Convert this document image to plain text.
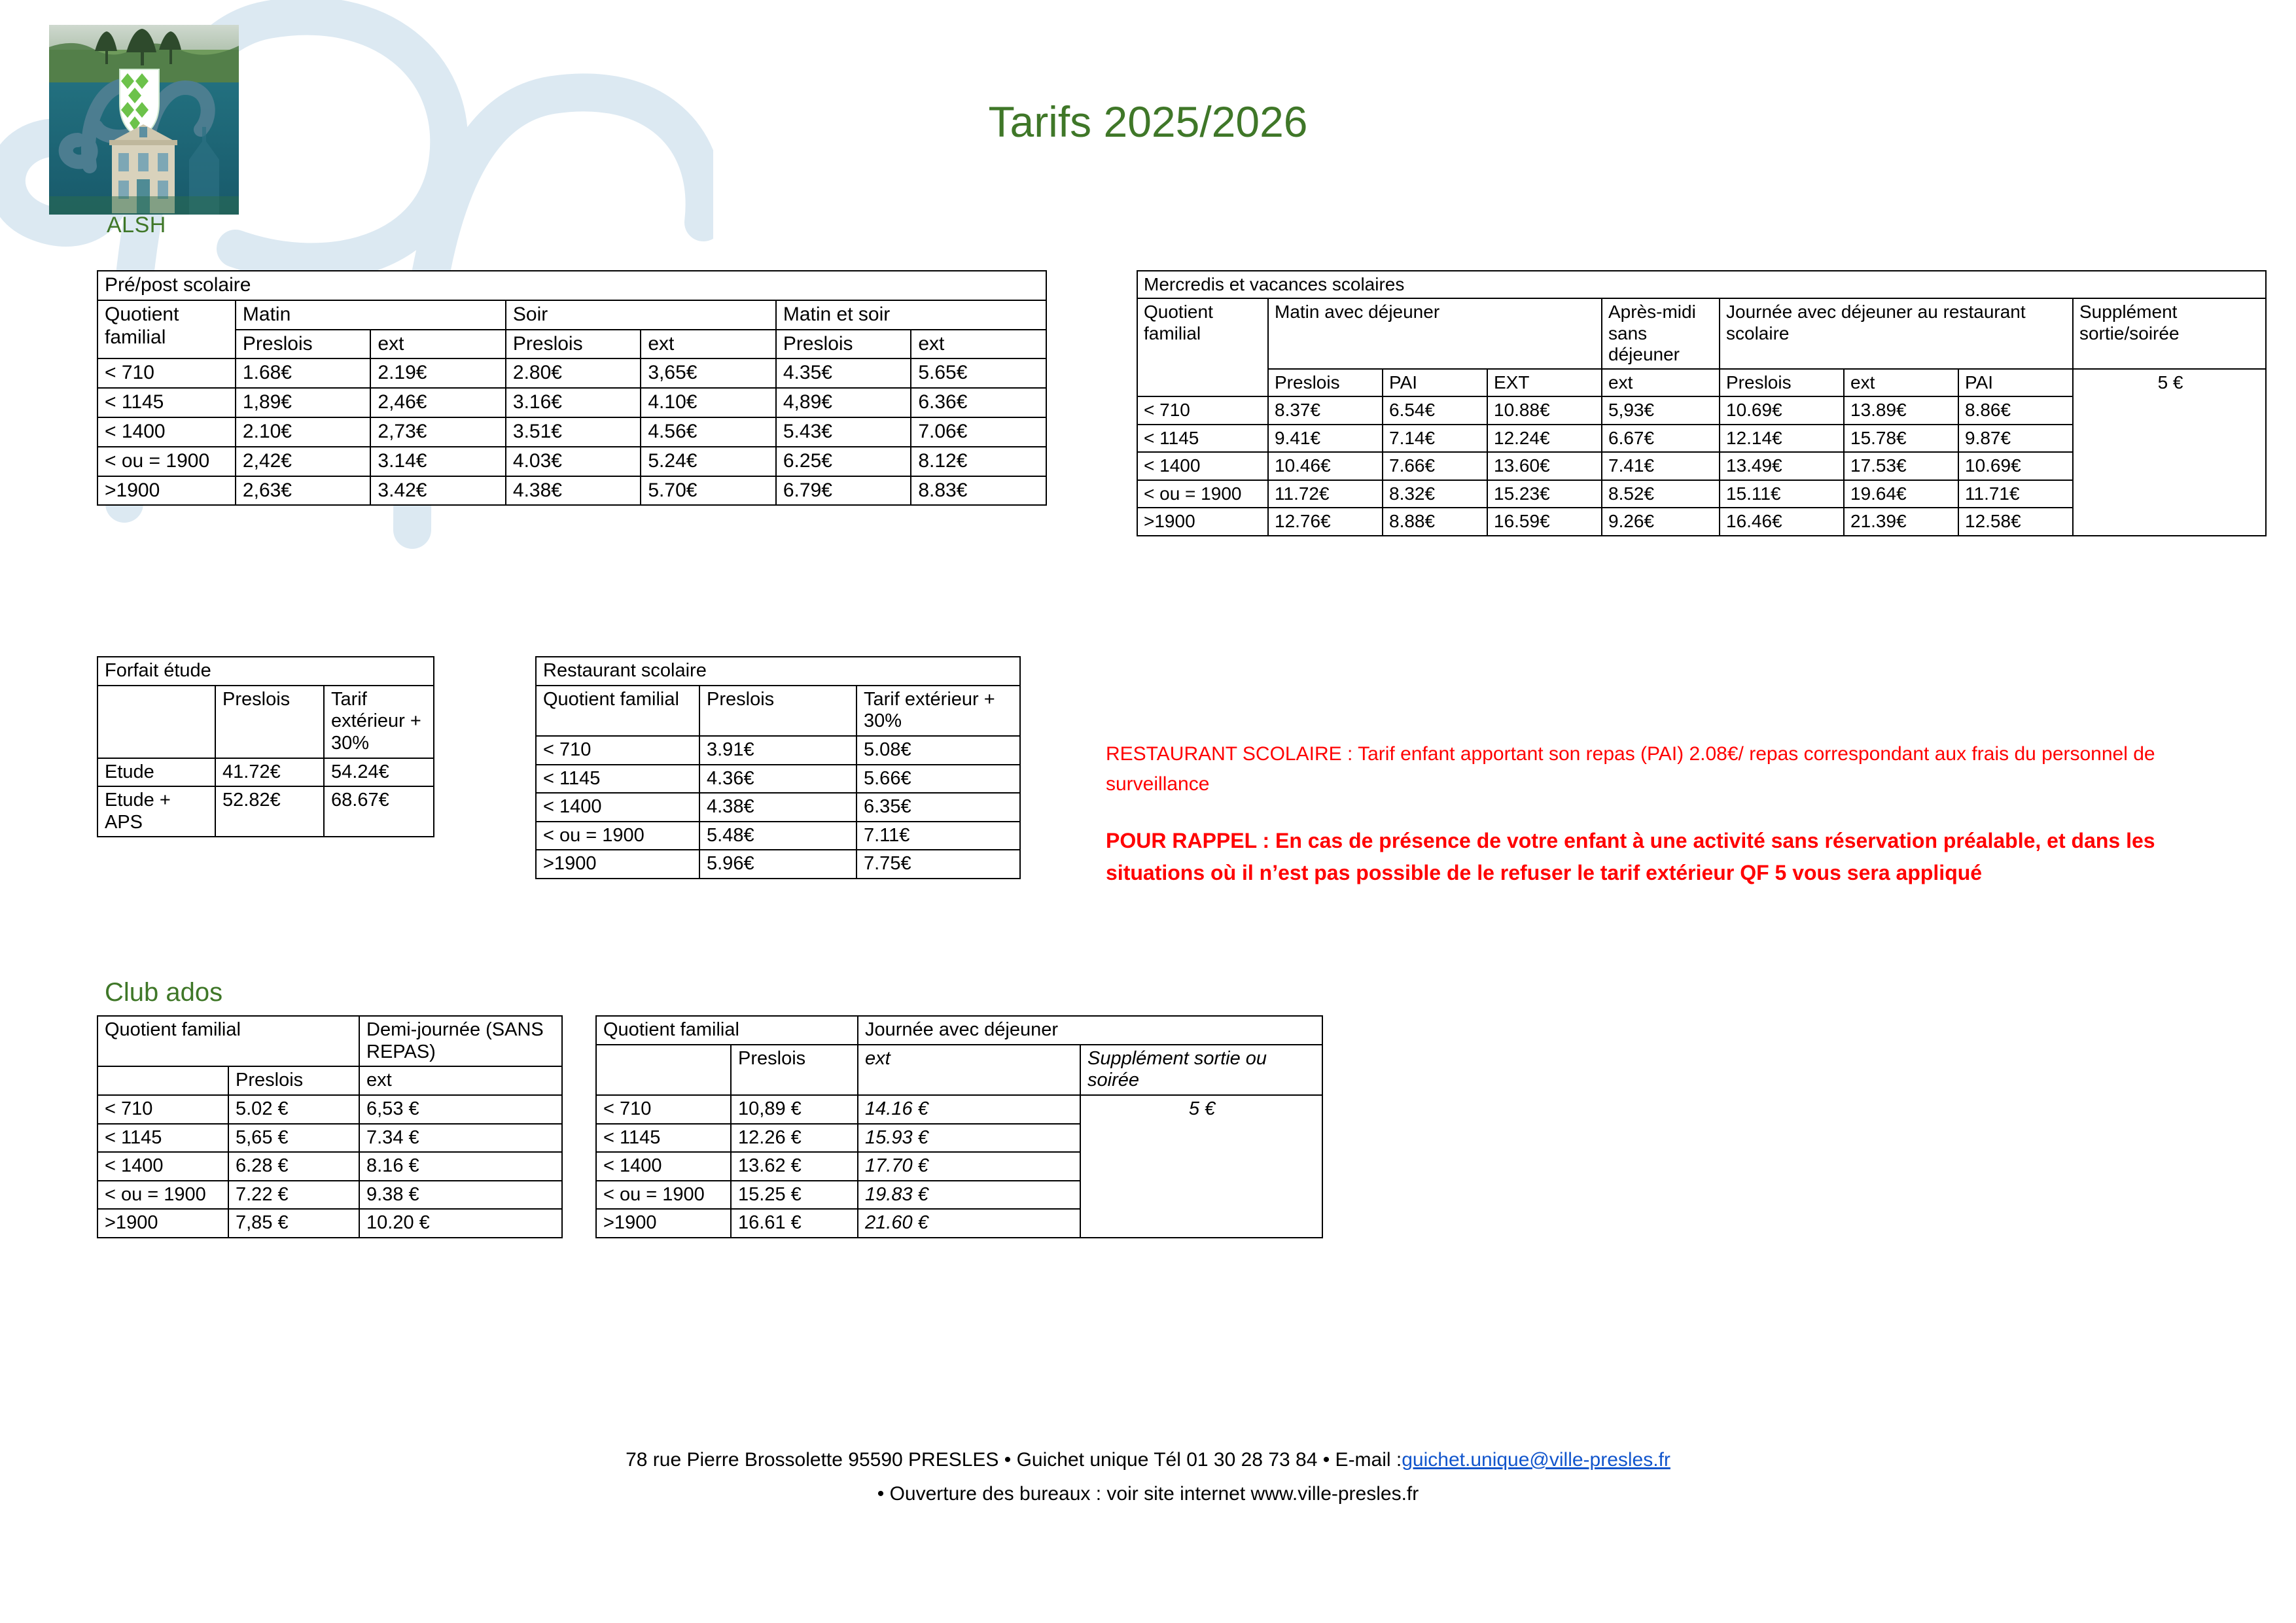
ALSH
Tarifs 2025/2026
Pré/post scolaire						
Quotient familial	Matin		Soir		Matin et soir	
	Preslois	ext	Preslois	ext	Preslois	ext
< 710	1.68€	2.19€	2.80€	3,65€	4.35€	5.65€
< 1145	1,89€	2,46€	3.16€	4.10€	4,89€	6.36€
< 1400	2.10€	2,73€	3.51€	4.56€	5.43€	7.06€
< ou = 1900	2,42€	3.14€	4.03€	5.24€	6.25€	8.12€
>1900	2,63€	3.42€	4.38€	5.70€	6.79€	8.83€
Mercredis et vacances scolaires								
Quotient familial	Matin avec déjeuner			Après-midi sans déjeuner	Journée avec déjeuner au restaurant scolaire			Supplément sortie/soirée
	Preslois	PAI	EXT	ext	Preslois	ext	PAI	5 €
< 710	8.37€	6.54€	10.88€	5,93€	10.69€	13.89€	8.86€	
< 1145	9.41€	7.14€	12.24€	6.67€	12.14€	15.78€	9.87€	
< 1400	10.46€	7.66€	13.60€	7.41€	13.49€	17.53€	10.69€	
< ou = 1900	11.72€	8.32€	15.23€	8.52€	15.11€	19.64€	11.71€	
>1900	12.76€	8.88€	16.59€	9.26€	16.46€	21.39€	12.58€	
Forfait étude		
	Preslois	Tarif extérieur + 30%
Etude	41.72€	54.24€
Etude + APS	52.82€	68.67€
Restaurant scolaire		
Quotient familial	Preslois	Tarif extérieur + 30%
< 710	3.91€	5.08€
< 1145	4.36€	5.66€
< 1400	4.38€	6.35€
< ou = 1900	5.48€	7.11€
>1900	5.96€	7.75€
RESTAURANT SCOLAIRE : Tarif enfant apportant son repas (PAI) 2.08€/ repas correspondant aux frais du personnel de surveillance
POUR RAPPEL : En cas de présence de votre enfant à une activité sans réservation préalable, et dans les situations où il n’est pas possible de le refuser le tarif extérieur QF 5 vous sera appliqué
Club ados
Quotient familial		Demi-journée (SANS REPAS)
	Preslois	ext
< 710	5.02 €	6,53 €
< 1145	5,65 €	7.34 €
< 1400	6.28 €	8.16 €
< ou = 1900	7.22 €	9.38 €
>1900	7,85 €	10.20 €
Quotient familial		Journée avec déjeuner	
	Preslois	ext	Supplément sortie ou soirée
< 710	10,89 €	14.16 €	5 €
< 1145	12.26 €	15.93 €	
< 1400	13.62 €	17.70 €	
< ou = 1900	15.25 €	19.83 €	
>1900	16.61 €	21.60 €	
78 rue Pierre Brossolette 95590 PRESLES • Guichet unique Tél 01 30 28 73 84 • E-mail :guichet.unique@ville-presles.fr
• Ouverture des bureaux : voir site internet www.ville-presles.fr
